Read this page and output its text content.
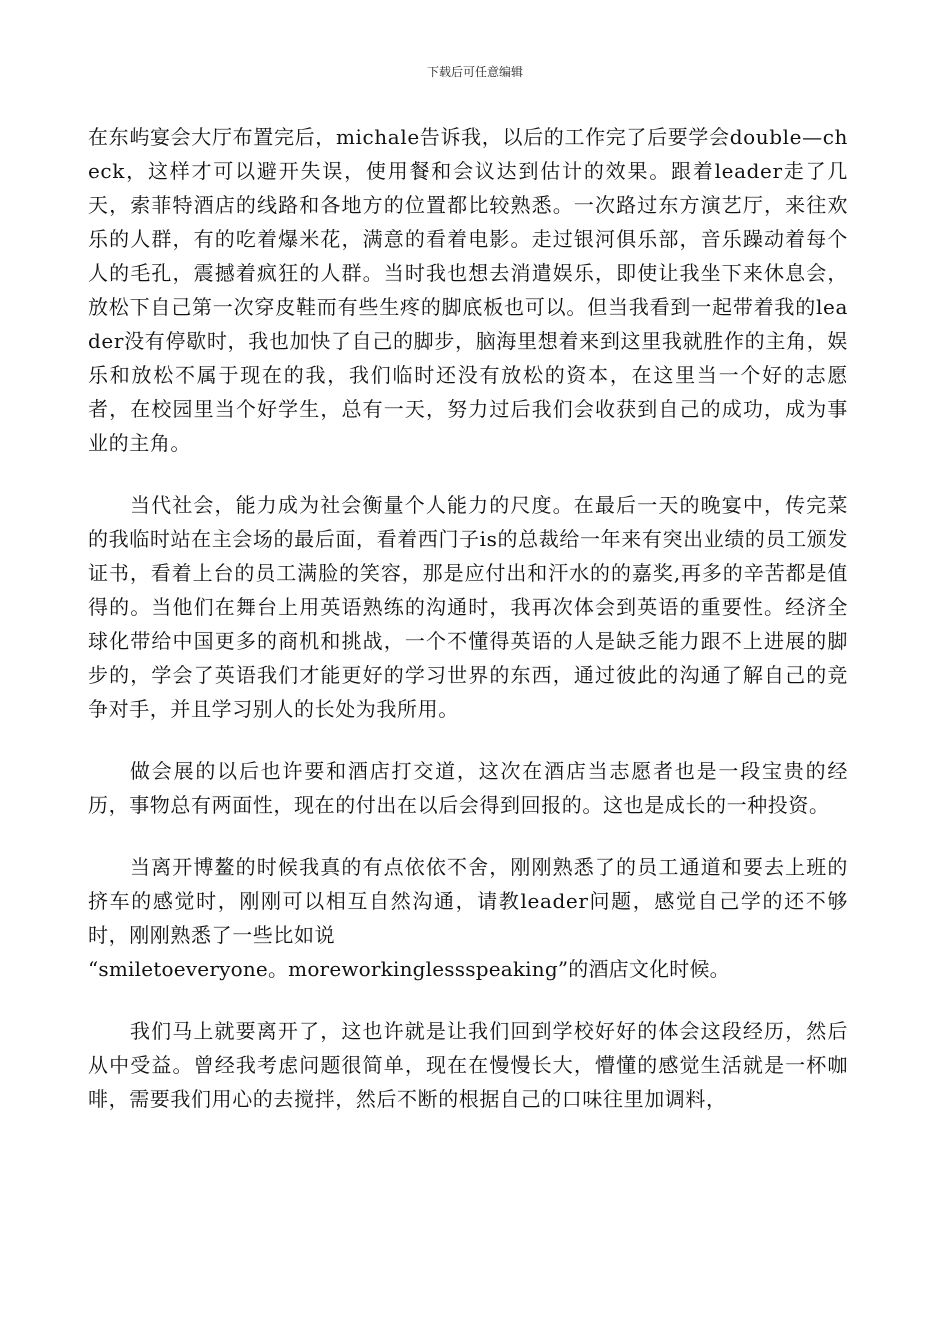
下载后可任意编辑

在东屿宴会大厅布置完后，michale告诉我，以后的工作完了后要学会double—check，这样才可以避开失误，使用餐和会议达到估计的效果。跟着leader走了几天，索菲特酒店的线路和各地方的位置都比较熟悉。一次路过东方演艺厅，来往欢乐的人群，有的吃着爆米花，满意的看着电影。走过银河俱乐部，音乐躁动着每个人的毛孔，震撼着疯狂的人群。当时我也想去消遣娱乐，即使让我坐下来休息会，放松下自己第一次穿皮鞋而有些生疼的脚底板也可以。但当我看到一起带着我的leader没有停歇时，我也加快了自己的脚步，脑海里想着来到这里我就胜作的主角，娱乐和放松不属于现在的我，我们临时还没有放松的资本，在这里当一个好的志愿者，在校园里当个好学生，总有一天，努力过后我们会收获到自己的成功，成为事业的主角。

当代社会，能力成为社会衡量个人能力的尺度。在最后一天的晚宴中，传完菜的我临时站在主会场的最后面，看着西门子is的总裁给一年来有突出业绩的员工颁发证书，看着上台的员工满脸的笑容，那是应付出和汗水的的嘉奖,再多的辛苦都是值得的。当他们在舞台上用英语熟练的沟通时，我再次体会到英语的重要性。经济全球化带给中国更多的商机和挑战，一个不懂得英语的人是缺乏能力跟不上进展的脚步的，学会了英语我们才能更好的学习世界的东西，通过彼此的沟通了解自己的竞争对手，并且学习别人的长处为我所用。

做会展的以后也许要和酒店打交道，这次在酒店当志愿者也是一段宝贵的经历，事物总有两面性，现在的付出在以后会得到回报的。这也是成长的一种投资。

当离开博鳌的时候我真的有点依依不舍，刚刚熟悉了的员工通道和要去上班的挤车的感觉时，刚刚可以相互自然沟通，请教leader问题，感觉自己学的还不够时，刚刚熟悉了一些比如说

“smiletoeveryone。moreworkinglessspeaking”的酒店文化时候。

我们马上就要离开了，这也许就是让我们回到学校好好的体会这段经历，然后从中受益。曾经我考虑问题很简单，现在在慢慢长大，懵懂的感觉生活就是一杯咖啡，需要我们用心的去搅拌，然后不断的根据自己的口味往里加调料，
